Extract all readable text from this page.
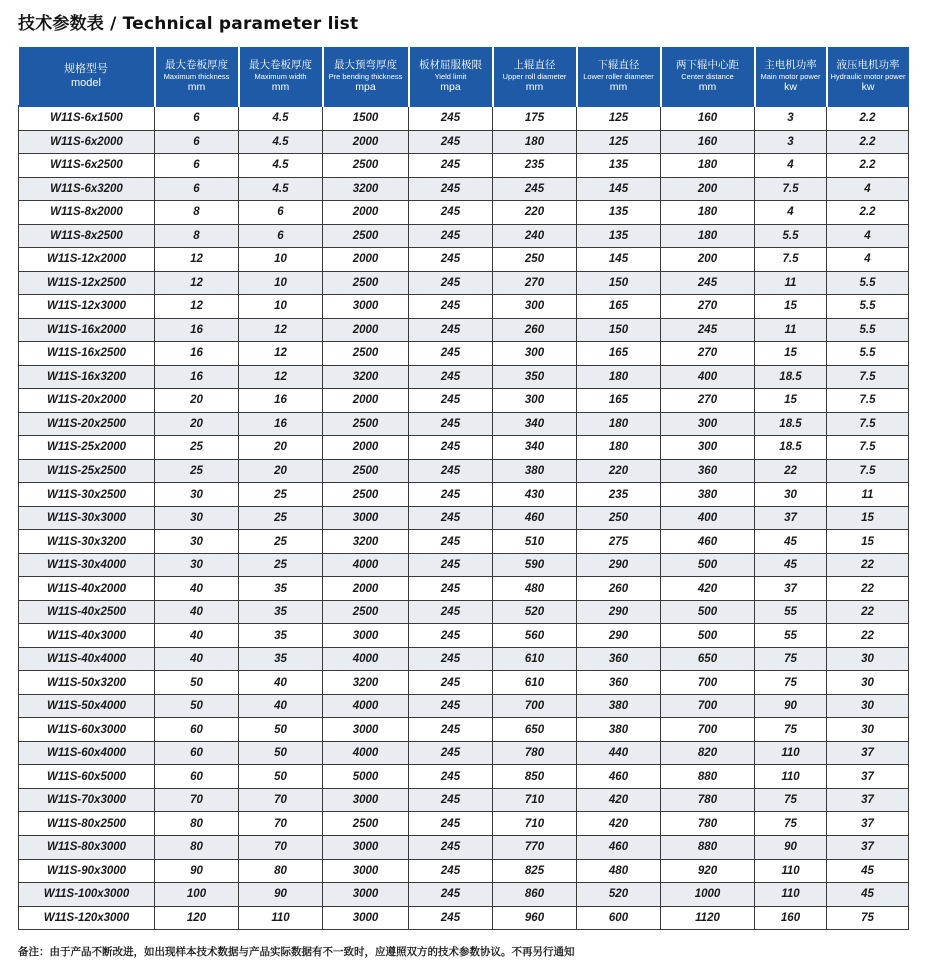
技术参数表 / Technical parameter list
规格型号
model	最大卷板厚度
Maximum thickness
mm	最大卷板厚度
Maximum width
mm	最大预弯厚度
Pre bending thickness
mpa	板材屈服极限
Yield limit
mpa	上辊直径
Upper roll diameter
mm	下辊直径
Lower roller diameter
mm	两下辊中心距
Center distance
mm	主电机功率
Main motor power
kw	液压电机功率
Hydraulic motor power
kw

W11S-6x1500	6	4.5	1500	245	175	125	160	3	2.2
W11S-6x2000	6	4.5	2000	245	180	125	160	3	2.2
W11S-6x2500	6	4.5	2500	245	235	135	180	4	2.2
W11S-6x3200	6	4.5	3200	245	245	145	200	7.5	4
W11S-8x2000	8	6	2000	245	220	135	180	4	2.2
W11S-8x2500	8	6	2500	245	240	135	180	5.5	4
W11S-12x2000	12	10	2000	245	250	145	200	7.5	4
W11S-12x2500	12	10	2500	245	270	150	245	11	5.5
W11S-12x3000	12	10	3000	245	300	165	270	15	5.5
W11S-16x2000	16	12	2000	245	260	150	245	11	5.5
W11S-16x2500	16	12	2500	245	300	165	270	15	5.5
W11S-16x3200	16	12	3200	245	350	180	400	18.5	7.5
W11S-20x2000	20	16	2000	245	300	165	270	15	7.5
W11S-20x2500	20	16	2500	245	340	180	300	18.5	7.5
W11S-25x2000	25	20	2000	245	340	180	300	18.5	7.5
W11S-25x2500	25	20	2500	245	380	220	360	22	7.5
W11S-30x2500	30	25	2500	245	430	235	380	30	11
W11S-30x3000	30	25	3000	245	460	250	400	37	15
W11S-30x3200	30	25	3200	245	510	275	460	45	15
W11S-30x4000	30	25	4000	245	590	290	500	45	22
W11S-40x2000	40	35	2000	245	480	260	420	37	22
W11S-40x2500	40	35	2500	245	520	290	500	55	22
W11S-40x3000	40	35	3000	245	560	290	500	55	22
W11S-40x4000	40	35	4000	245	610	360	650	75	30
W11S-50x3200	50	40	3200	245	610	360	700	75	30
W11S-50x4000	50	40	4000	245	700	380	700	90	30
W11S-60x3000	60	50	3000	245	650	380	700	75	30
W11S-60x4000	60	50	4000	245	780	440	820	110	37
W11S-60x5000	60	50	5000	245	850	460	880	110	37
W11S-70x3000	70	70	3000	245	710	420	780	75	37
W11S-80x2500	80	70	2500	245	710	420	780	75	37
W11S-80x3000	80	70	3000	245	770	460	880	90	37
W11S-90x3000	90	80	3000	245	825	480	920	110	45
W11S-100x3000	100	90	3000	245	860	520	1000	110	45
W11S-120x3000	120	110	3000	245	960	600	1120	160	75
备注：由于产品不断改进，如出现样本技术数据与产品实际数据有不一致时，应遵照双方的技术参数协议。不再另行通知
